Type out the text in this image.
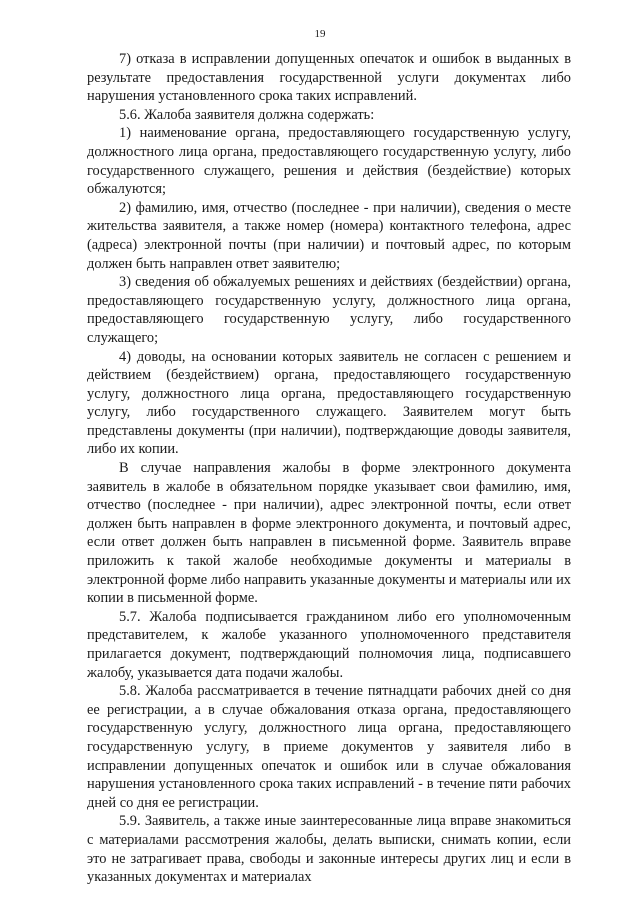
19

7) отказа в исправлении допущенных опечаток и ошибок в выданных в результате предоставления государственной услуги документах либо нарушения установленного срока таких исправлений.

5.6. Жалоба заявителя должна содержать:

1) наименование органа, предоставляющего государственную услугу, должностного лица органа, предоставляющего государственную услугу, либо государственного служащего, решения и действия (бездействие) которых обжалуются;

2) фамилию, имя, отчество (последнее - при наличии), сведения о месте жительства заявителя, а также номер (номера) контактного телефона, адрес (адреса) электронной почты (при наличии) и почтовый адрес, по которым должен быть направлен ответ заявителю;

3) сведения об обжалуемых решениях и действиях (бездействии) органа, предоставляющего государственную услугу, должностного лица органа, предоставляющего государственную услугу, либо государственного служащего;

4) доводы, на основании которых заявитель не согласен с решением и действием (бездействием) органа, предоставляющего государственную услугу, должностного лица органа, предоставляющего государственную услугу, либо государственного служащего. Заявителем могут быть представлены документы (при наличии), подтверждающие доводы заявителя, либо их копии.

В случае направления жалобы в форме электронного документа заявитель в жалобе в обязательном порядке указывает свои фамилию, имя, отчество (последнее - при наличии), адрес электронной почты, если ответ должен быть направлен в форме электронного документа, и почтовый адрес, если ответ должен быть направлен в письменной форме. Заявитель вправе приложить к такой жалобе необходимые документы и материалы в электронной форме либо направить указанные документы и материалы или их копии в письменной форме.

5.7. Жалоба подписывается гражданином либо его уполномоченным представителем, к жалобе указанного уполномоченного представителя прилагается документ, подтверждающий полномочия лица, подписавшего жалобу, указывается дата подачи жалобы.

5.8. Жалоба рассматривается в течение пятнадцати рабочих дней со дня ее регистрации, а в случае обжалования отказа органа, предоставляющего государственную услугу, должностного лица органа, предоставляющего государственную услугу, в приеме документов у заявителя либо в исправлении допущенных опечаток и ошибок или в случае обжалования нарушения установленного срока таких исправлений - в течение пяти рабочих дней со дня ее регистрации.

5.9. Заявитель, а также иные заинтересованные лица вправе знакомиться с материалами рассмотрения жалобы, делать выписки, снимать копии, если это не затрагивает права, свободы и законные интересы других лиц и если в указанных документах и материалах
